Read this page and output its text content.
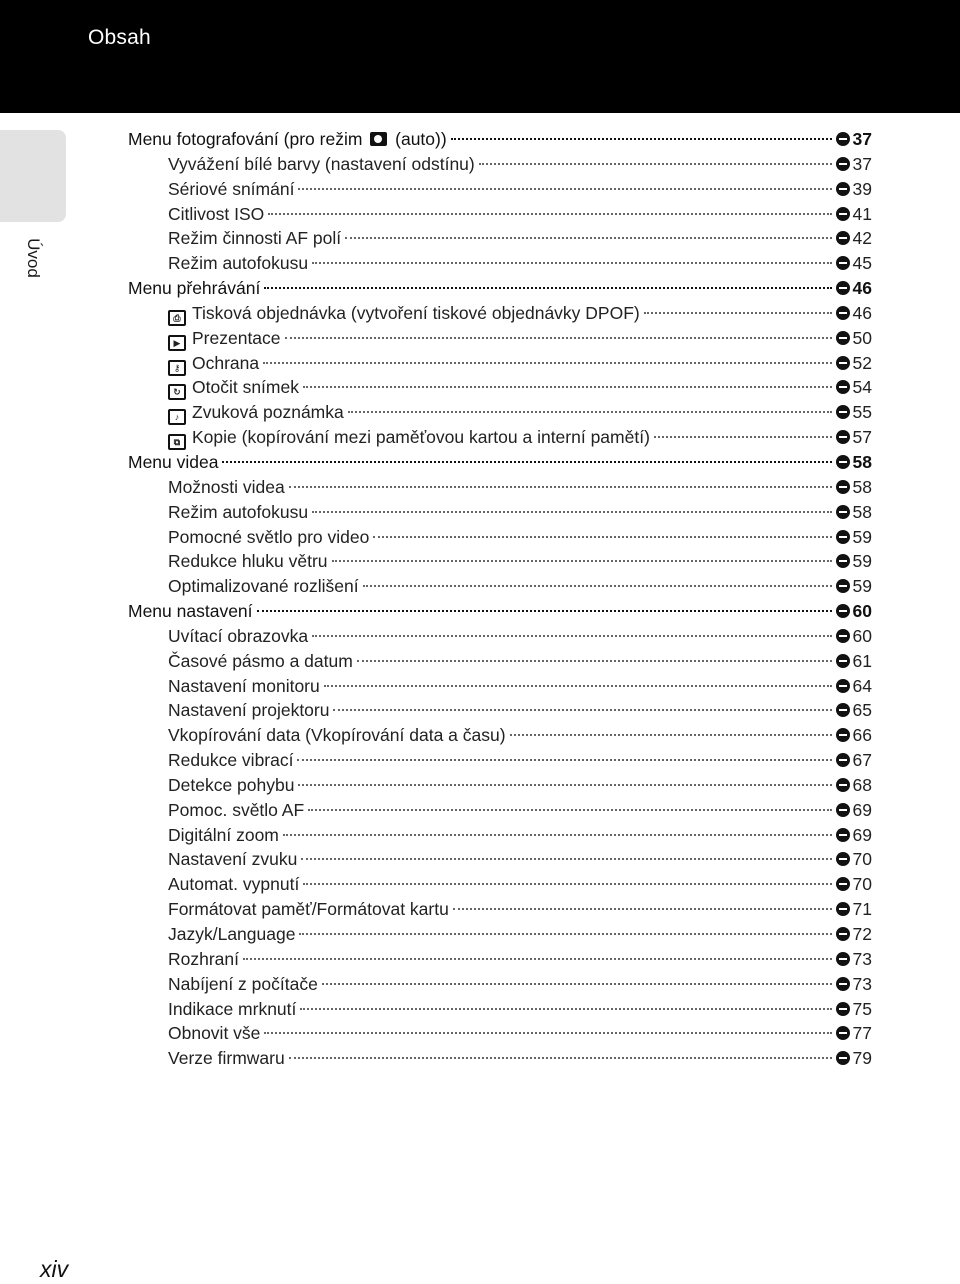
Obsah
Úvod
Menu fotografování (pro režim  (auto))	37
Vyvážení bílé barvy (nastavení odstínu)	37
Sériové snímání	39
Citlivost ISO	41
Režim činnosti AF polí	42
Režim autofokusu	45
Menu přehrávání	46
⎙ Tisková objednávka (vytvoření tiskové objednávky DPOF)	46
▶ Prezentace	50
⚷ Ochrana	52
↻ Otočit snímek	54
♪ Zvuková poznámka	55
⧉ Kopie (kopírování mezi paměťovou kartou a interní pamětí)	57
Menu videa	58
Možnosti videa	58
Režim autofokusu	58
Pomocné světlo pro video	59
Redukce hluku větru	59
Optimalizované rozlišení	59
Menu nastavení	60
Uvítací obrazovka	60
Časové pásmo a datum	61
Nastavení monitoru	64
Nastavení projektoru	65
Vkopírování data (Vkopírování data a času)	66
Redukce vibrací	67
Detekce pohybu	68
Pomoc. světlo AF	69
Digitální zoom	69
Nastavení zvuku	70
Automat. vypnutí	70
Formátovat paměť/Formátovat kartu	71
Jazyk/Language	72
Rozhraní	73
Nabíjení z počítače	73
Indikace mrknutí	75
Obnovit vše	77
Verze firmwaru	79
xiv
